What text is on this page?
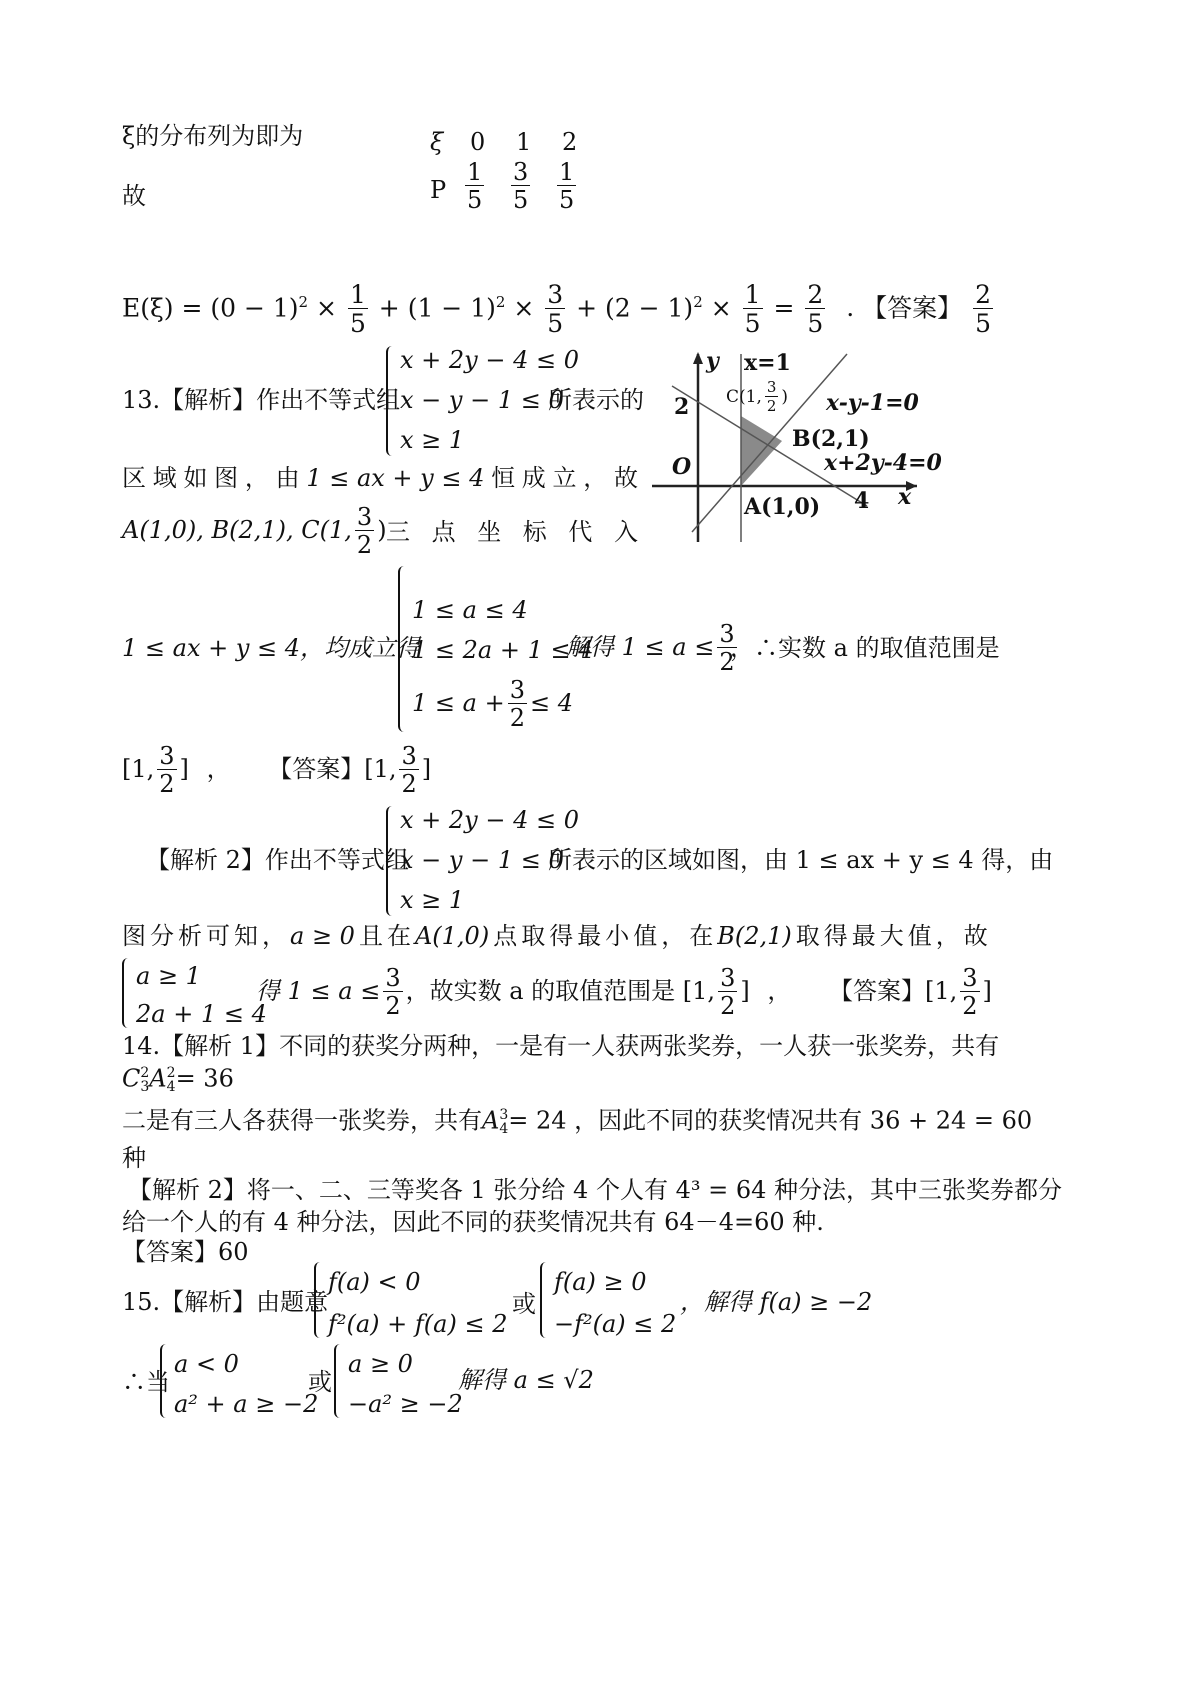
ξ的分布列为即为
故
ξ 0 1 2
P $\frac{1}{5} \frac{3}{5} \frac{1}{5}$
$E(\xi) = (0 - 1)^2 \times \frac{1}{5} + (1 - 1)^2 \times \frac{3}{5} + (2 - 1)^2 \times \frac{1}{5} = \frac{2}{5}$ . 【答案】 $\frac{2}{5}$
13.【解析】作出不等式组
x + 2y − 4 ≤ 0
x − y − 1 ≤ 0
x ≥ 1
所表示的
区 域 如 图 ， 由 1 ≤ ax + y ≤ 4 恒 成 立 ， 故
A(1,0), B(2,1), C(1, $\frac{3}{2}$ ) 三 点 坐 标 代 入
y x=1
2 C(1, $\frac{3}{2}$ ) x-y-1=0
B(2,1)
x+2y-4=0
O
4 x
A(1,0)
1 ≤ ax + y ≤ 4，均成立得
1 ≤ a ≤ 4
1 ≤ 2a + 1 ≤ 4
$1 \le a + \frac{3}{2} \le 4$
解得 $1 \le a \le \frac{3}{2}$
，∴实数 a 的取值范围是
[1, $\frac{3}{2}$ ] ， 【答案】[1, $\frac{3}{2}$ ]
【解析 2】作出不等式组
x + 2y − 4 ≤ 0
x − y − 1 ≤ 0
x ≥ 1
所表示的区域如图，由 1 ≤ ax + y ≤ 4 得，由
图 分 析 可 知 ， a ≥ 0 且 在 A(1,0) 点 取 得 最 小 值 ， 在 B(2,1) 取 得 最 大 值 ， 故
a ≥ 1
2a + 1 ≤ 4
得 $1 \le a \le \frac{3}{2}$ ，故实数 a 的取值范围是 [1, $\frac{3}{2}$ ] ， 【答案】[1, $\frac{3}{2}$ ]
14.【解析 1】不同的获奖分两种，一是有一人获两张奖券，一人获一张奖券，共有
C 2
3 A 2
4 = 36
二是有三人各获得一张奖券，共有A 3
4 = 24 ，因此不同的获奖情况共有 36 + 24 = 60
种
【解析 2】将一、二、三等奖各 1 张分给 4 个人有 4³ = 64 种分法，其中三张奖券都分
给一个人的有 4 种分法，因此不同的获奖情况共有 64－4=60 种.
【答案】60
15.【解析】由题意
f(a) < 0
f²(a) + f(a) ≤ 2
或
f(a) ≥ 0
−f²(a) ≤ 2
，解得 f(a) ≥ −2
∴当
a < 0
a² + a ≥ −2
或
a ≥ 0
−a² ≥ −2
解得 a ≤ √2
